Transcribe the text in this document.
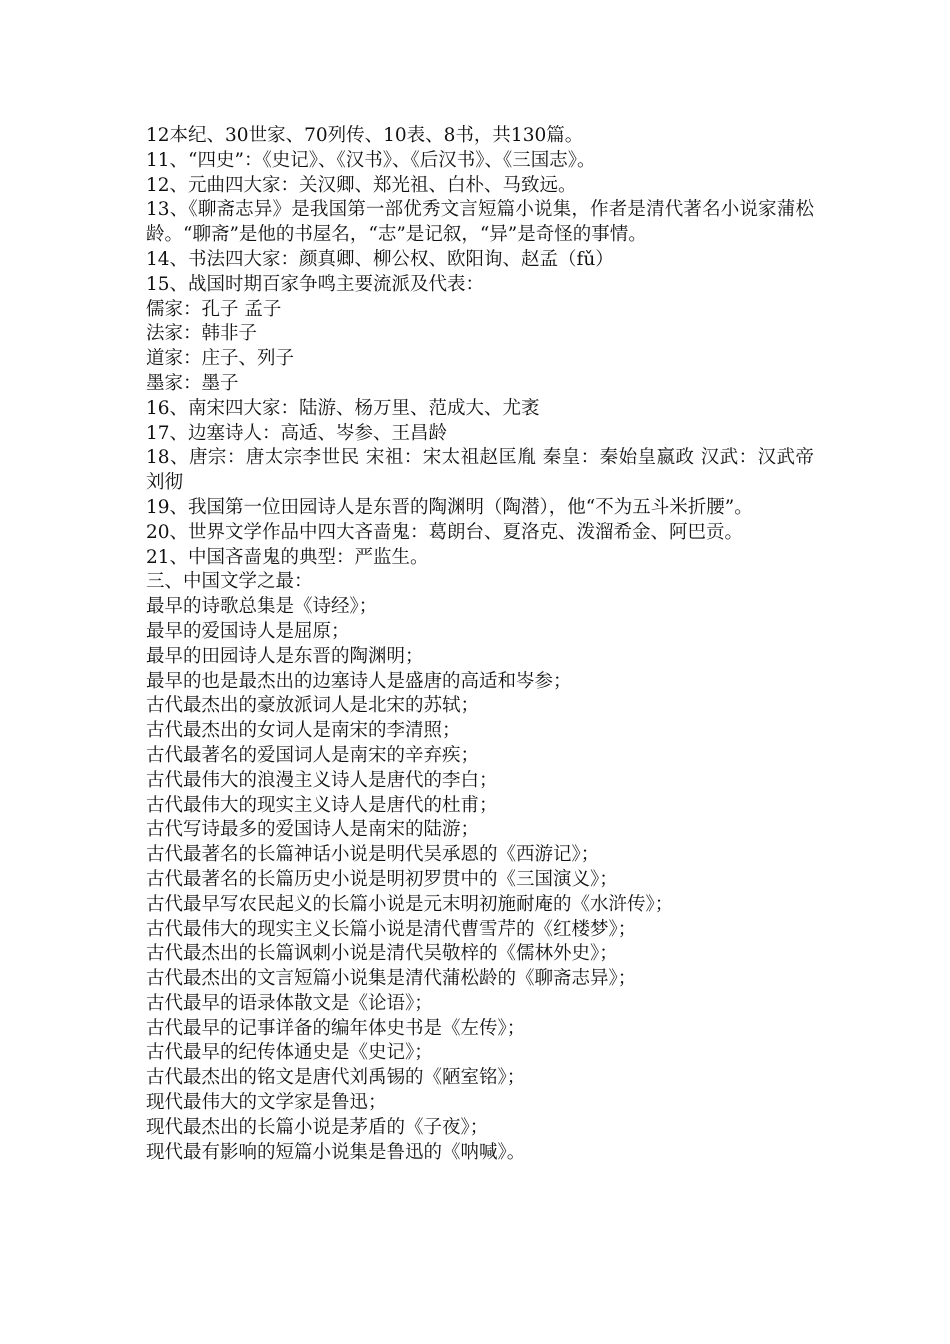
12本纪、30世家、70列传、10表、8书，共130篇。

11、“四史”：《史记》、《汉书》、《后汉书》、《三国志》。

12、元曲四大家：关汉卿、郑光祖、白朴、马致远。

13、《聊斋志异》是我国第一部优秀文言短篇小说集，作者是清代著名小说家蒲松龄。“聊斋”是他的书屋名，“志”是记叙，“异”是奇怪的事情。

14、书法四大家：颜真卿、柳公权、欧阳询、赵孟（fǔ）

15、战国时期百家争鸣主要流派及代表：

儒家：孔子 孟子

法家：韩非子

道家：庄子、列子

墨家：墨子

16、南宋四大家：陆游、杨万里、范成大、尤袤

17、边塞诗人：高适、岑参、王昌龄

18、唐宗：唐太宗李世民 宋祖：宋太祖赵匡胤 秦皇：秦始皇嬴政 汉武：汉武帝刘彻

19、我国第一位田园诗人是东晋的陶渊明（陶潜），他“不为五斗米折腰”。

20、世界文学作品中四大吝啬鬼：葛朗台、夏洛克、泼溜希金、阿巴贡。

21、中国吝啬鬼的典型：严监生。

三、中国文学之最：

最早的诗歌总集是《诗经》；

最早的爱国诗人是屈原；

最早的田园诗人是东晋的陶渊明；

最早的也是最杰出的边塞诗人是盛唐的高适和岑参；

古代最杰出的豪放派词人是北宋的苏轼；

古代最杰出的女词人是南宋的李清照；

古代最著名的爱国词人是南宋的辛弃疾；

古代最伟大的浪漫主义诗人是唐代的李白；

古代最伟大的现实主义诗人是唐代的杜甫；

古代写诗最多的爱国诗人是南宋的陆游；

古代最著名的长篇神话小说是明代吴承恩的《西游记》；

古代最著名的长篇历史小说是明初罗贯中的《三国演义》；

古代最早写农民起义的长篇小说是元末明初施耐庵的《水浒传》；

古代最伟大的现实主义长篇小说是清代曹雪芹的《红楼梦》；

古代最杰出的长篇讽刺小说是清代吴敬梓的《儒林外史》；

古代最杰出的文言短篇小说集是清代蒲松龄的《聊斋志异》；

古代最早的语录体散文是《论语》；

古代最早的记事详备的编年体史书是《左传》；

古代最早的纪传体通史是《史记》；

古代最杰出的铭文是唐代刘禹锡的《陋室铭》；

现代最伟大的文学家是鲁迅；

现代最杰出的长篇小说是茅盾的《子夜》；

现代最有影响的短篇小说集是鲁迅的《呐喊》。
